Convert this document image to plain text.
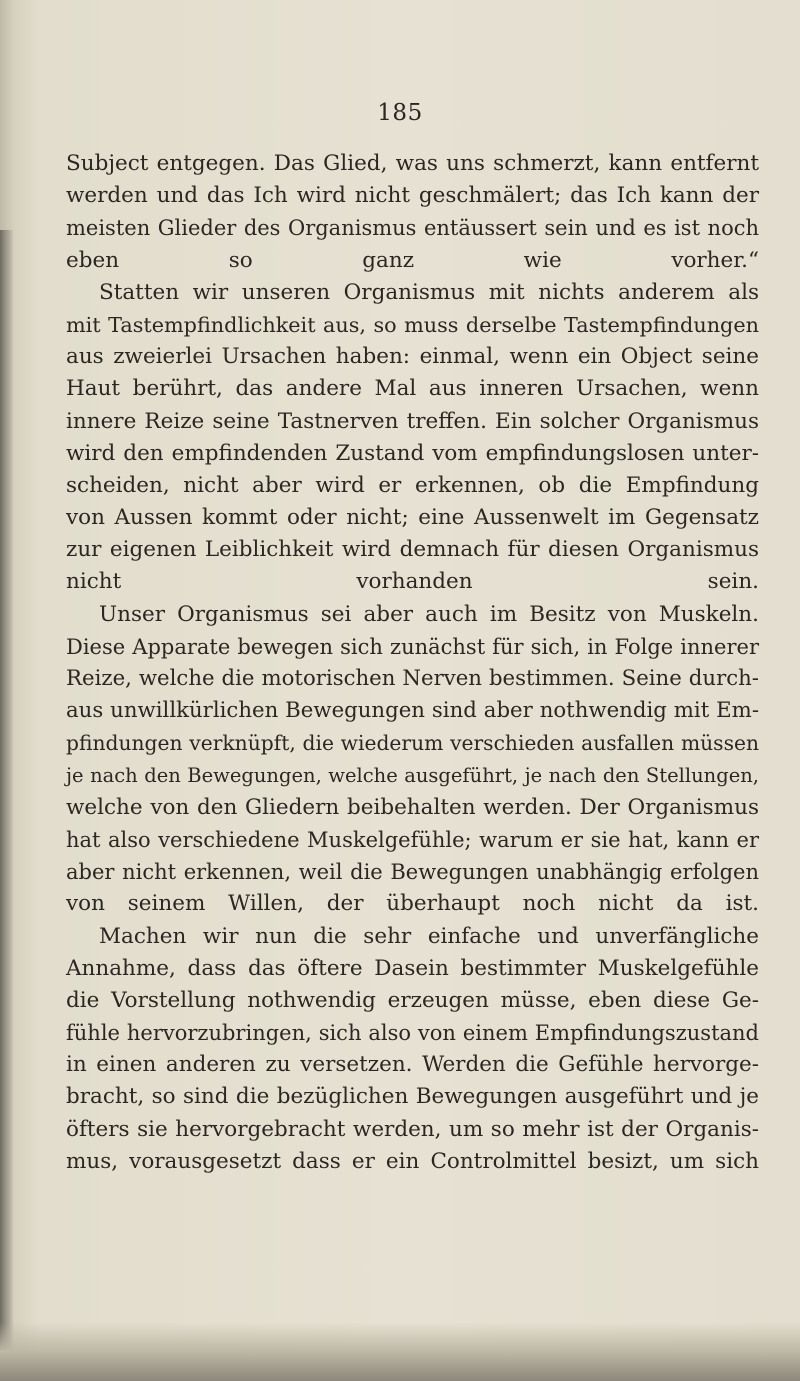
185
Subject entgegen. Das Glied, was uns schmerzt, kann entfernt
werden und das Ich wird nicht geschmälert; das Ich kann der
meisten Glieder des Organismus entäussert sein und es ist noch
eben so ganz wie vorher.“
Statten wir unseren Organismus mit nichts anderem als
mit Tastempfindlichkeit aus, so muss derselbe Tastempfindungen
aus zweierlei Ursachen haben: einmal, wenn ein Object seine
Haut berührt, das andere Mal aus inneren Ursachen, wenn
innere Reize seine Tastnerven treffen. Ein solcher Organismus
wird den empfindenden Zustand vom empfindungslosen unter-
scheiden, nicht aber wird er erkennen, ob die Empfindung
von Aussen kommt oder nicht; eine Aussenwelt im Gegensatz
zur eigenen Leiblichkeit wird demnach für diesen Organismus
nicht vorhanden sein.
Unser Organismus sei aber auch im Besitz von Muskeln.
Diese Apparate bewegen sich zunächst für sich, in Folge innerer
Reize, welche die motorischen Nerven bestimmen. Seine durch-
aus unwillkürlichen Bewegungen sind aber nothwendig mit Em-
pfindungen verknüpft, die wiederum verschieden ausfallen müssen
je nach den Bewegungen, welche ausgeführt, je nach den Stellungen,
welche von den Gliedern beibehalten werden. Der Organismus
hat also verschiedene Muskelgefühle; warum er sie hat, kann er
aber nicht erkennen, weil die Bewegungen unabhängig erfolgen
von seinem Willen, der überhaupt noch nicht da ist.
Machen wir nun die sehr einfache und unverfängliche
Annahme, dass das öftere Dasein bestimmter Muskelgefühle
die Vorstellung nothwendig erzeugen müsse, eben diese Ge-
fühle hervorzubringen, sich also von einem Empfindungszustand
in einen anderen zu versetzen. Werden die Gefühle hervorge-
bracht, so sind die bezüglichen Bewegungen ausgeführt und je
öfters sie hervorgebracht werden, um so mehr ist der Organis-
mus, vorausgesetzt dass er ein Controlmittel besizt, um sich
